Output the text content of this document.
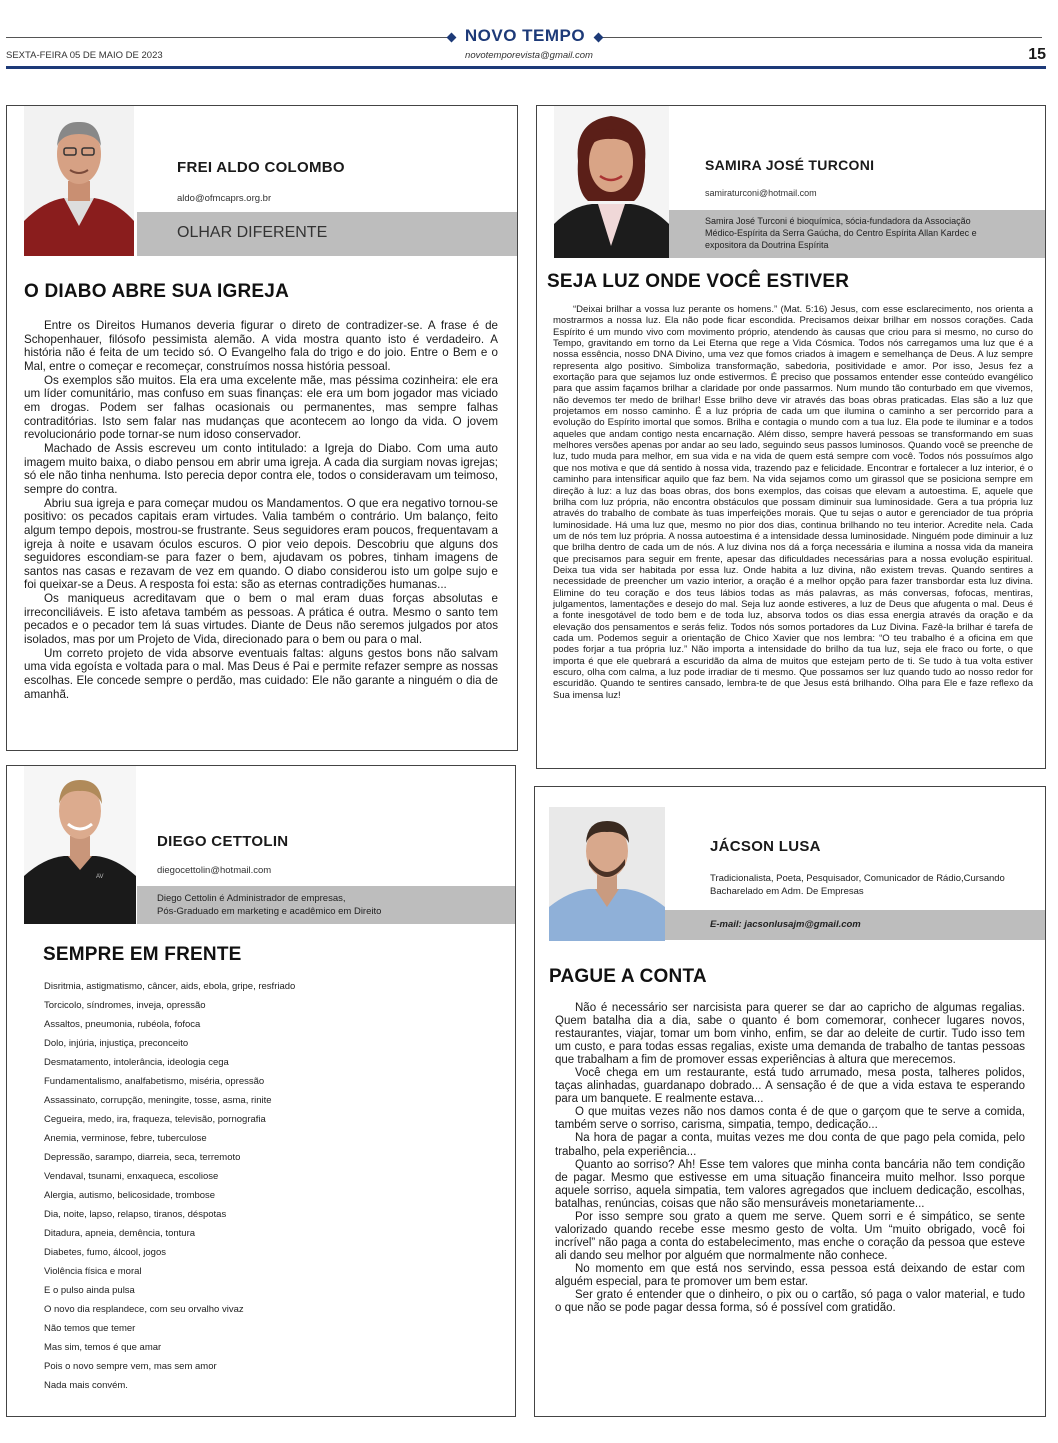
NOVO TEMPO
SEXTA-FEIRA 05 DE MAIO DE 2023	novotemporevista@gmail.com	15
FREI ALDO COLOMBO
aldo@ofmcaprs.org.br
OLHAR DIFERENTE
O DIABO ABRE SUA IGREJA

Entre os Direitos Humanos deveria figurar o direto de contradizer-se. A frase é de Schopenhauer, filósofo pessimista alemão. A vida mostra quanto isto é verdadeiro. A história não é feita de um tecido só. O Evangelho fala do trigo e do joio. Entre o Bem e o Mal, entre o começar e recomeçar, construímos nossa história pessoal.

Os exemplos são muitos. Ela era uma excelente mãe, mas péssima cozinheira: ele era um líder comunitário, mas confuso em suas finanças: ele era um bom jogador mas viciado em drogas. Podem ser falhas ocasionais ou permanentes, mas sempre falhas contraditórias. Isto sem falar nas mudanças que acontecem ao longo da vida. O jovem revolucionário pode tornar-se num idoso conservador.

Machado de Assis escreveu um conto intitulado: a Igreja do Diabo. Com uma auto imagem muito baixa, o diabo pensou em abrir uma igreja. A cada dia surgiam novas igrejas; só ele não tinha nenhuma. Isto perecia depor contra ele, todos o consideravam um teimoso, sempre do contra.

Abriu sua igreja e para começar mudou os Mandamentos. O que era negativo tornou-se positivo: os pecados capitais eram virtudes. Valia também o contrário. Um balanço, feito algum tempo depois, mostrou-se frustrante. Seus seguidores eram poucos, frequentavam a igreja à noite e usavam óculos escuros. O pior veio depois. Descobriu que alguns dos seguidores escondiam-se para fazer o bem, ajudavam os pobres, tinham imagens de santos nas casas e rezavam de vez em quando. O diabo considerou isto um golpe sujo e foi queixar-se a Deus. A resposta foi esta: são as eternas contradições humanas...

Os maniqueus acreditavam que o bem o mal eram duas forças absolutas e irreconciliáveis. E isto afetava também as pessoas. A prática é outra. Mesmo o santo tem pecados e o pecador tem lá suas virtudes. Diante de Deus não seremos julgados por atos isolados, mas por um Projeto de Vida, direcionado para o bem ou para o mal.

Um correto projeto de vida absorve eventuais faltas: alguns gestos bons não salvam uma vida egoísta e voltada para o mal. Mas Deus é Pai e permite refazer sempre as nossas escolhas. Ele concede sempre o perdão, mas cuidado: Ele não garante a ninguém o dia de amanhã.

SAMIRA JOSÉ TURCONI
samiraturconi@hotmail.com
Samira José Turconi é bioquímica, sócia-fundadora da Associação Médico-Espírita da Serra Gaúcha, do Centro Espírita Allan Kardec e expositora da Doutrina Espírita
SEJA LUZ ONDE VOCÊ ESTIVER

“Deixai brilhar a vossa luz perante os homens.” (Mat. 5:16) Jesus, com esse esclarecimento, nos orienta a mostrarmos a nossa luz. Ela não pode ficar escondida. Precisamos deixar brilhar em nossos corações. Cada Espírito é um mundo vivo com movimento próprio, atendendo às causas que criou para si mesmo, no curso do Tempo, gravitando em torno da Lei Eterna que rege a Vida Cósmica. Todos nós carregamos uma luz que é a nossa essência, nosso DNA Divino, uma vez que fomos criados à imagem e semelhança de Deus. A luz sempre representa algo positivo. Simboliza transformação, sabedoria, positividade e amor. Por isso, Jesus fez a exortação para que sejamos luz onde estivermos. É preciso que possamos entender esse conteúdo evangélico para que assim façamos brilhar a claridade por onde passarmos. Num mundo tão conturbado em que vivemos, não devemos ter medo de brilhar! Esse brilho deve vir através das boas obras praticadas. Elas são a luz que projetamos em nosso caminho. É a luz própria de cada um que ilumina o caminho a ser percorrido para a evolução do Espírito imortal que somos. Brilha e contagia o mundo com a tua luz. Ela pode te iluminar e a todos aqueles que andam contigo nesta encarnação. Além disso, sempre haverá pessoas se transformando em suas melhores versões apenas por andar ao seu lado, seguindo seus passos luminosos. Quando você se preenche de luz, tudo muda para melhor, em sua vida e na vida de quem está sempre com você. Todos nós possuímos algo que nos motiva e que dá sentido à nossa vida, trazendo paz e felicidade. Encontrar e fortalecer a luz interior, é o caminho para intensificar aquilo que faz bem. Na vida sejamos como um girassol que se posiciona sempre em direção à luz: a luz das boas obras, dos bons exemplos, das coisas que elevam a autoestima. E, aquele que brilha com luz própria, não encontra obstáculos que possam diminuir sua luminosidade. Gera a tua própria luz através do trabalho de combate às tuas imperfeições morais. Que tu sejas o autor e gerenciador de tua própria luminosidade. Há uma luz que, mesmo no pior dos dias, continua brilhando no teu interior. Acredite nela. Cada um de nós tem luz própria. A nossa autoestima é a intensidade dessa luminosidade. Ninguém pode diminuir a luz que brilha dentro de cada um de nós. A luz divina nos dá a força necessária e ilumina a nossa vida da maneira que precisamos para seguir em frente, apesar das dificuldades necessárias para a nossa evolução espiritual. Deixa tua vida ser habitada por essa luz. Onde habita a luz divina, não existem trevas. Quando sentires a necessidade de preencher um vazio interior, a oração é a melhor opção para fazer transbordar esta luz divina. Elimine do teu coração e dos teus lábios todas as más palavras, as más conversas, fofocas, mentiras, julgamentos, lamentações e desejo do mal. Seja luz aonde estiveres, a luz de Deus que afugenta o mal. Deus é a fonte inesgotável de todo bem e de toda luz, absorva todos os dias essa energia através da oração e da elevação dos pensamentos e serás feliz. Todos nós somos portadores da Luz Divina. Fazê-la brilhar é tarefa de cada um. Podemos seguir a orientação de Chico Xavier que nos lembra: “O teu trabalho é a oficina em que podes forjar a tua própria luz.” Não importa a intensidade do brilho da tua luz, seja ele fraco ou forte, o que importa é que ele quebrará a escuridão da alma de muitos que estejam perto de ti. Se tudo à tua volta estiver escuro, olha com calma, a luz pode irradiar de ti mesmo. Que possamos ser luz quando tudo ao nosso redor for escuridão. Quando te sentires cansado, lembra-te de que Jesus está brilhando. Olha para Ele e faze reflexo da Sua imensa luz!

AV
DIEGO CETTOLIN
diegocettolin@hotmail.com
Diego Cettolin é Administrador de empresas,
Pós-Graduado em marketing e acadêmico em Direito
SEMPRE EM FRENTE
Disritmia, astigmatismo, câncer, aids, ebola, gripe, resfriado
Torcicolo, síndromes, inveja, opressão
Assaltos, pneumonia, rubéola, fofoca
Dolo, injúria, injustiça, preconceito
Desmatamento, intolerância, ideologia cega
Fundamentalismo, analfabetismo, miséria, opressão
Assassinato, corrupção, meningite, tosse, asma, rinite
Cegueira, medo, ira, fraqueza, televisão, pornografia
Anemia, verminose, febre, tuberculose
Depressão, sarampo, diarreia, seca, terremoto
Vendaval, tsunami, enxaqueca, escoliose
Alergia, autismo, belicosidade, trombose
Dia, noite, lapso, relapso, tiranos, déspotas
Ditadura, apneia, demência, tontura
Diabetes, fumo, álcool, jogos
Violência física e moral
E o pulso ainda pulsa
O novo dia resplandece, com seu orvalho vivaz
Não temos que temer
Mas sim, temos é que amar
Pois o novo sempre vem, mas sem amor
Nada mais convém.
JÁCSON LUSA
Tradicionalista, Poeta, Pesquisador, Comunicador de Rádio,Cursando
Bacharelado em Adm. De Empresas
E-mail: jacsonlusajm@gmail.com
PAGUE A CONTA

Não é necessário ser narcisista para querer se dar ao capricho de algumas regalias. Quem batalha dia a dia, sabe o quanto é bom comemorar, conhecer lugares novos, restaurantes, viajar, tomar um bom vinho, enfim, se dar ao deleite de curtir. Tudo isso tem um custo, e para todas essas regalias, existe uma demanda de trabalho de tantas pessoas que trabalham a fim de promover essas experiências à altura que merecemos.

Você chega em um restaurante, está tudo arrumado, mesa posta, talheres polidos, taças alinhadas, guardanapo dobrado... A sensação é de que a vida estava te esperando para um banquete. E realmente estava...

O que muitas vezes não nos damos conta é de que o garçom que te serve a comida, também serve o sorriso, carisma, simpatia, tempo, dedicação...

Na hora de pagar a conta, muitas vezes me dou conta de que pago pela comida, pelo trabalho, pela experiência...

Quanto ao sorriso? Ah! Esse tem valores que minha conta bancária não tem condição de pagar. Mesmo que estivesse em uma situação financeira muito melhor. Isso porque aquele sorriso, aquela simpatia, tem valores agregados que incluem dedicação, escolhas, batalhas, renúncias, coisas que não são mensuráveis monetariamente...

Por isso sempre sou grato a quem me serve. Quem sorri e é simpático, se sente valorizado quando recebe esse mesmo gesto de volta. Um “muito obrigado, você foi incrível” não paga a conta do estabelecimento, mas enche o coração da pessoa que esteve ali dando seu melhor por alguém que normalmente não conhece.

No momento em que está nos servindo, essa pessoa está deixando de estar com alguém especial, para te promover um bem estar.

Ser grato é entender que o dinheiro, o pix ou o cartão, só paga o valor material, e tudo o que não se pode pagar dessa forma, só é possível com gratidão.
